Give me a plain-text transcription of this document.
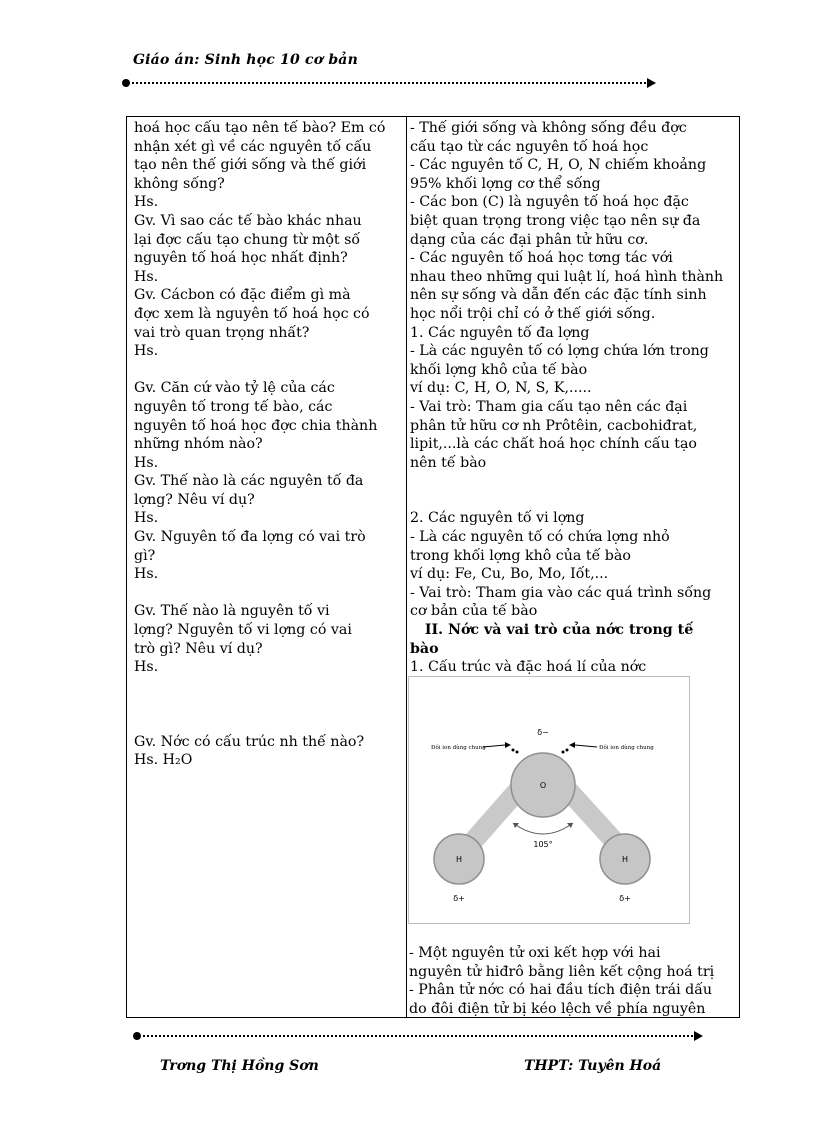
Giáo án: Sinh học 10 cơ bản
hoá học cấu tạo nên tế bào? Em có
nhận xét gì về các nguyên tố cấu
tạo nên thế giới sống và thế giới
không sống?
Hs.
Gv. Vì sao các tế bào khác nhau
lại đợc cấu tạo chung từ một số
nguyên tố hoá học nhất định?
Hs.
Gv. Cácbon có đặc điểm gì mà
đợc xem là nguyên tố hoá học có
vai trò quan trọng nhất?
Hs.
Gv. Căn cứ vào tỷ lệ của các
nguyên tố trong tế bào, các
nguyên tố hoá học đợc chia thành
những nhóm nào?
Hs.
Gv. Thế nào là các nguyên tố đa
lợng? Nêu ví dụ?
Hs.
Gv. Nguyên tố đa lợng có vai trò
gì?
Hs.
Gv. Thế nào là nguyên tố vi
lợng? Nguyên tố vi lợng có vai
trò gì? Nêu ví dụ?
Hs.
Gv. Nớc có cấu trúc nh thế nào?
Hs. H₂O
- Thế giới sống và không sống đều đợc
cấu tạo từ các nguyên tố hoá học
- Các nguyên tố C, H, O, N chiếm khoảng
95% khối lợng cơ thể sống
- Các bon (C) là nguyên tố hoá học đặc
biệt quan trọng trong việc tạo nên sự đa
dạng của các đại phân tử hữu cơ.
- Các nguyên tố hoá học tơng tác với
nhau theo những qui luật lí, hoá hình thành
nên sự sống và dẫn đến các đặc tính sinh
học nổi trội chỉ có ở thế giới sống.
1. Các nguyên tố đa lợng
- Là các nguyên tố có lợng chứa lớn trong
khối lợng khô của tế bào
ví dụ: C, H, O, N, S, K,.....
- Vai trò: Tham gia cấu tạo nên các đại
phân tử hữu cơ nh Prôtêin, cacbohiđrat,
lipit,...là các chất hoá học chính cấu tạo
nên tế bào
2. Các nguyên tố vi lợng
- Là các nguyên tố có chứa lợng nhỏ
trong khối lợng khô của tế bào
ví dụ: Fe, Cu, Bo, Mo, Iốt,...
- Vai trò: Tham gia vào các quá trình sống
cơ bản của tế bào
II. Nớc và vai trò của nớc trong tế
bào
1. Cấu trúc và đặc hoá lí của nớc
O
H	H
105°
δ−
δ+	δ+
Đôi ion dùng chung	Đôi ion dùng chung
- Một nguyên tử oxi kết hợp với hai
nguyên tử hiđrô bằng liên kết cộng hoá trị
- Phân tử nớc có hai đầu tích điện trái dấu
do đôi điện tử bị kéo lệch về phía nguyên
Trơng Thị Hồng Sơn	THPT: Tuyên Hoá
